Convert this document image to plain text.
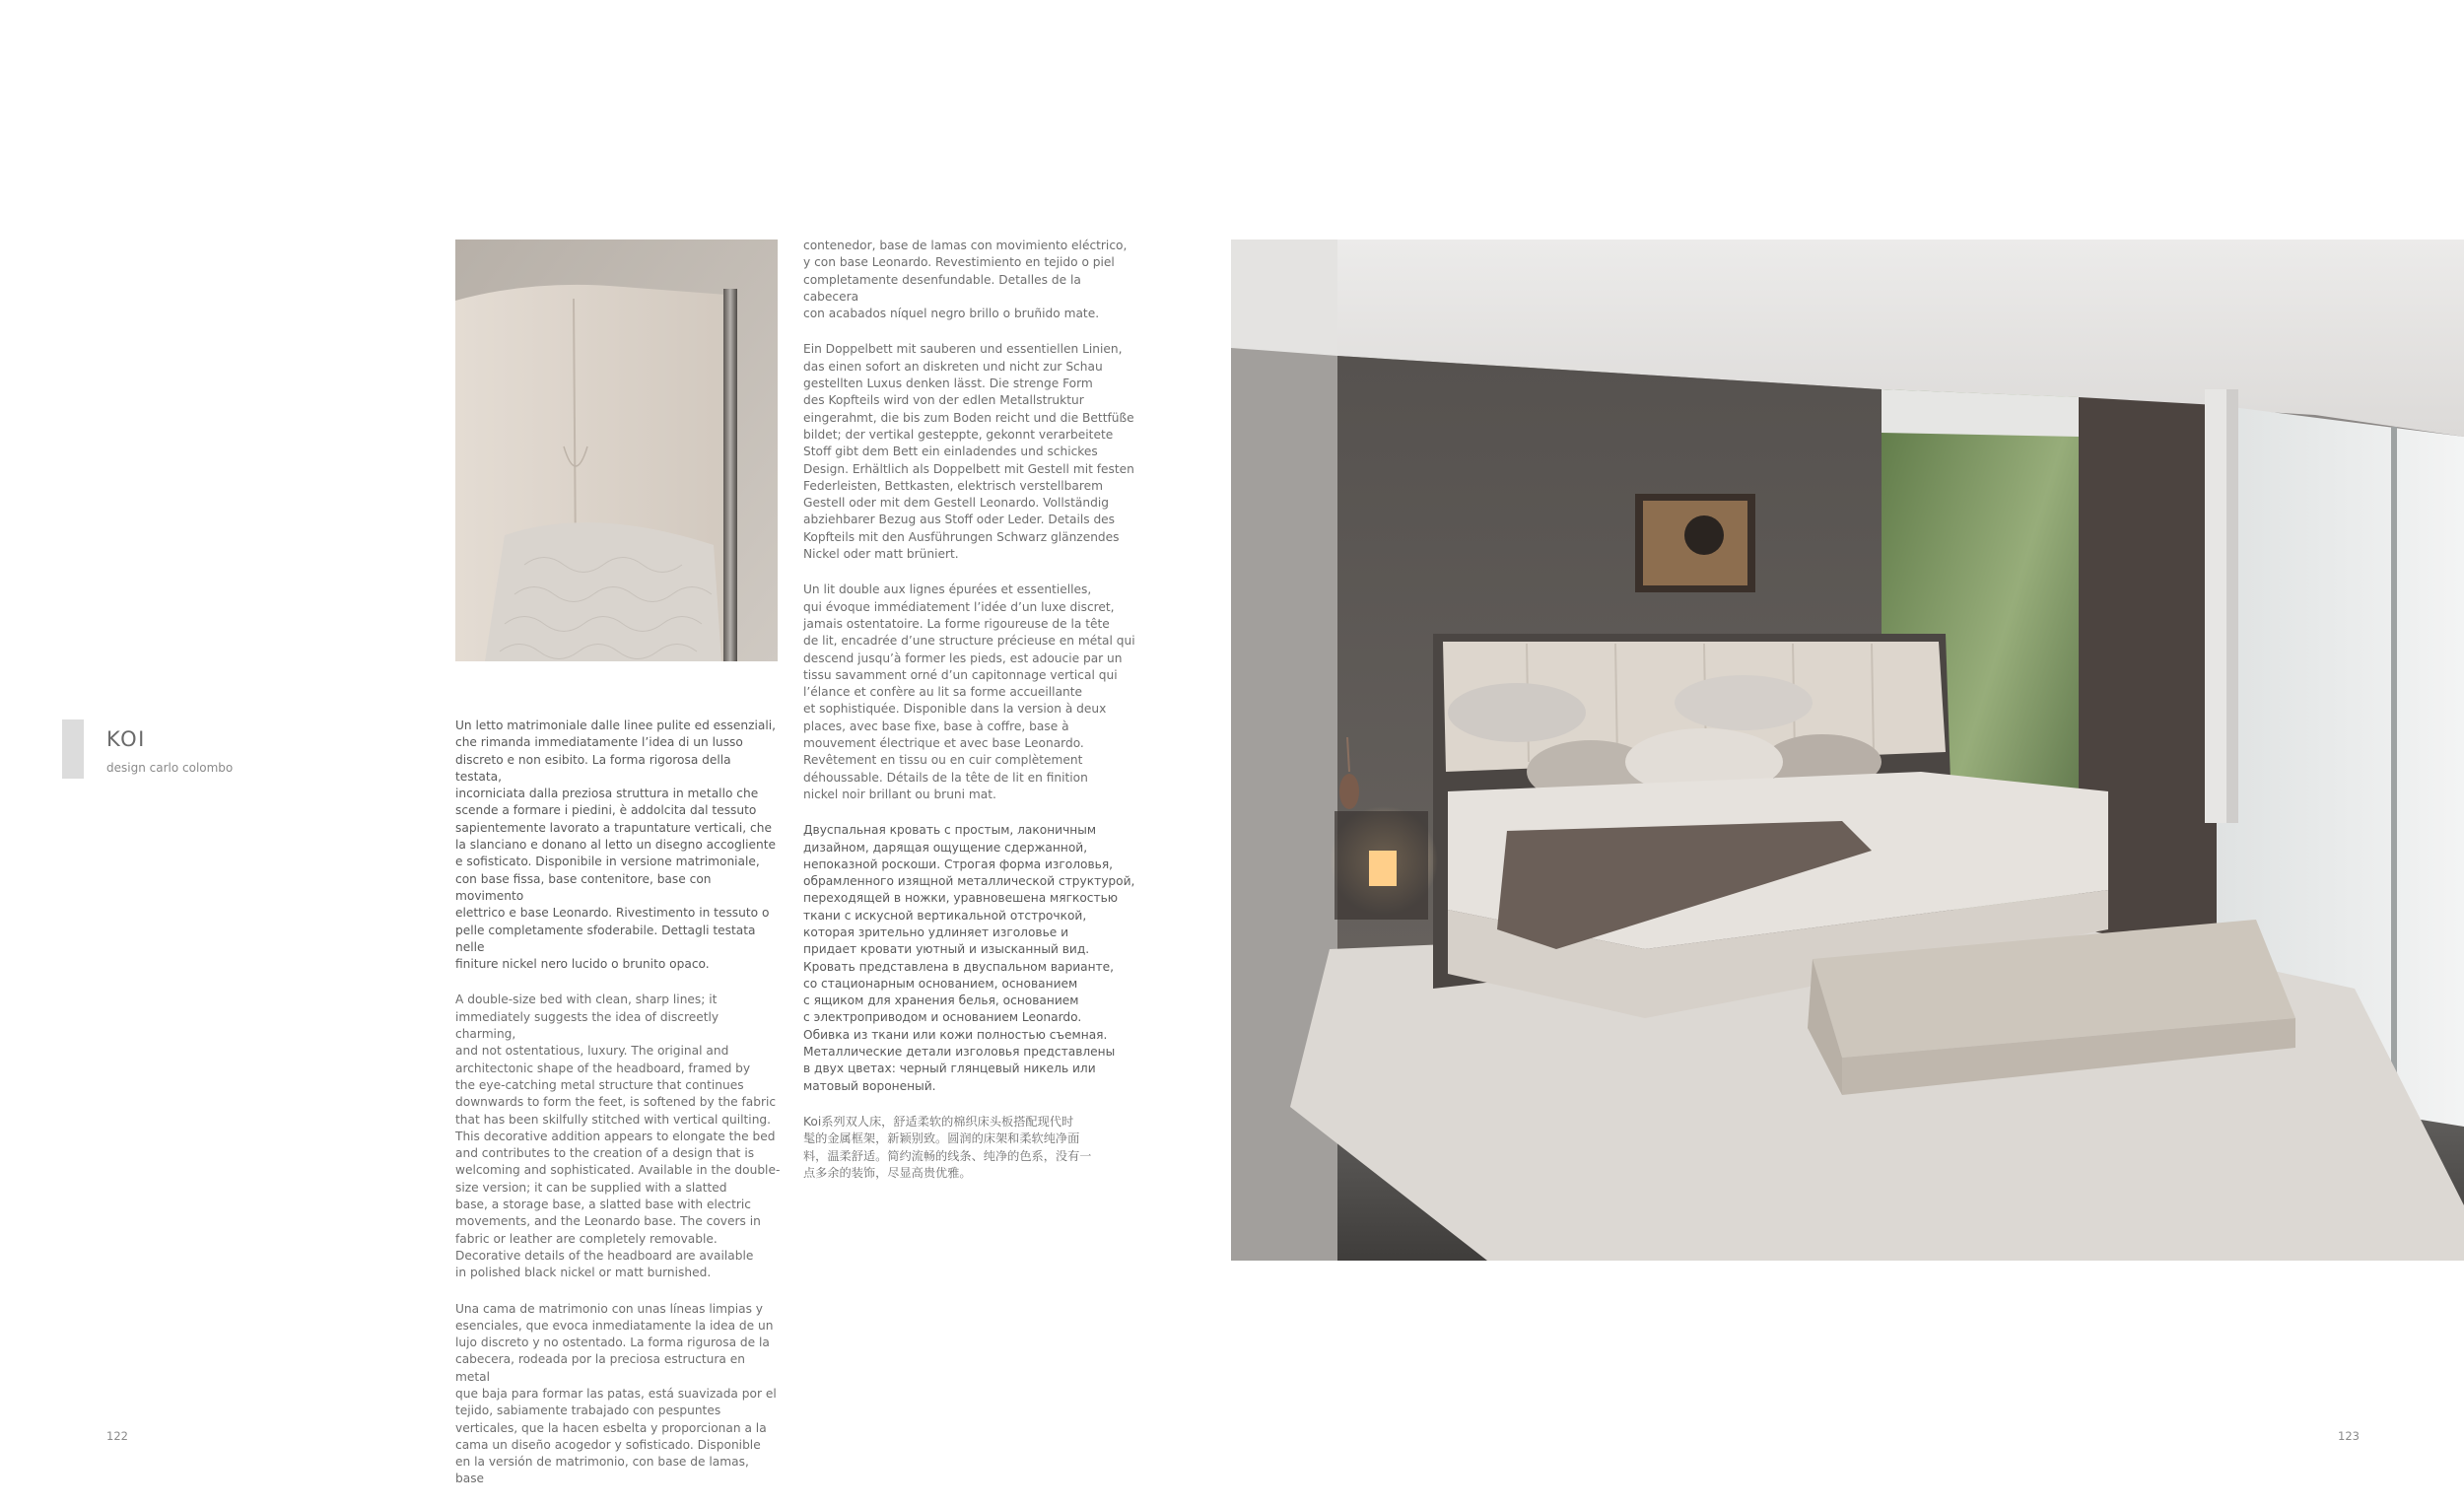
KOI
design carlo colombo

Un letto matrimoniale dalle linee pulite ed essenziali,
che rimanda immediatamente l’idea di un lusso
discreto e non esibito. La forma rigorosa della testata,
incorniciata dalla preziosa struttura in metallo che
scende a formare i piedini, è addolcita dal tessuto
sapientemente lavorato a trapuntature verticali, che
la slanciano e donano al letto un disegno accogliente
e sofisticato. Disponibile in versione matrimoniale,
con base fissa, base contenitore, base con movimento
elettrico e base Leonardo. Rivestimento in tessuto o
pelle completamente sfoderabile. Dettagli testata nelle
finiture nickel nero lucido o brunito opaco.

A double-size bed with clean, sharp lines; it
immediately suggests the idea of discreetly charming,
and not ostentatious, luxury. The original and
architectonic shape of the headboard, framed by
the eye-catching metal structure that continues
downwards to form the feet, is softened by the fabric
that has been skilfully stitched with vertical quilting.
This decorative addition appears to elongate the bed
and contributes to the creation of a design that is
welcoming and sophisticated. Available in the double-
size version; it can be supplied with a slatted
base, a storage base, a slatted base with electric
movements, and the Leonardo base. The covers in
fabric or leather are completely removable.
Decorative details of the headboard are available
in polished black nickel or matt burnished.

Una cama de matrimonio con unas líneas limpias y
esenciales, que evoca inmediatamente la idea de un
lujo discreto y no ostentado. La forma rigurosa de la
cabecera, rodeada por la preciosa estructura en metal
que baja para formar las patas, está suavizada por el
tejido, sabiamente trabajado con pespuntes
verticales, que la hacen esbelta y proporcionan a la
cama un diseño acogedor y sofisticado. Disponible
en la versión de matrimonio, con base de lamas, base

contenedor, base de lamas con movimiento eléctrico,
y con base Leonardo. Revestimiento en tejido o piel
completamente desenfundable. Detalles de la cabecera
con acabados níquel negro brillo o bruñido mate.

Ein Doppelbett mit sauberen und essentiellen Linien,
das einen sofort an diskreten und nicht zur Schau
gestellten Luxus denken lässt. Die strenge Form
des Kopfteils wird von der edlen Metallstruktur
eingerahmt, die bis zum Boden reicht und die Bettfüße
bildet; der vertikal gesteppte, gekonnt verarbeitete
Stoff gibt dem Bett ein einladendes und schickes
Design. Erhältlich als Doppelbett mit Gestell mit festen
Federleisten, Bettkasten, elektrisch verstellbarem
Gestell oder mit dem Gestell Leonardo. Vollständig
abziehbarer Bezug aus Stoff oder Leder. Details des
Kopfteils mit den Ausführungen Schwarz glänzendes
Nickel oder matt brüniert.

Un lit double aux lignes épurées et essentielles,
qui évoque immédiatement l’idée d’un luxe discret,
jamais ostentatoire. La forme rigoureuse de la tête
de lit, encadrée d’une structure précieuse en métal qui
descend jusqu’à former les pieds, est adoucie par un
tissu savamment orné d’un capitonnage vertical qui
l’élance et confère au lit sa forme accueillante
et sophistiquée. Disponible dans la version à deux
places, avec base fixe, base à coffre, base à
mouvement électrique et avec base Leonardo.
Revêtement en tissu ou en cuir complètement
déhoussable. Détails de la tête de lit en finition
nickel noir brillant ou bruni mat.

Двуспальная кровать с простым, лаконичным
дизайном, дарящая ощущение сдержанной,
непоказной роскоши. Строгая форма изголовья,
обрамленного изящной металлической структурой,
переходящей в ножки, уравновешена мягкостью
ткани с искусной вертикальной отстрочкой,
которая зрительно удлиняет изголовье и
придает кровати уютный и изысканный вид.
Кровать представлена в двуспальном варианте,
со стационарным основанием, основанием
с ящиком для хранения белья, основанием
с электроприводом и основанием Leonardo.
Обивка из ткани или кожи полностью съемная.
Металлические детали изголовья представлены
в двух цветах: черный глянцевый никель или
матовый вороненый.

Koi系列双人床，舒适柔软的棉织床头板搭配现代时
髦的金属框架，新颖别致。圆润的床架和柔软纯净面
料，温柔舒适。简约流畅的线条、纯净的色系，没有一
点多余的装饰，尽显高贵优雅。

122	123
